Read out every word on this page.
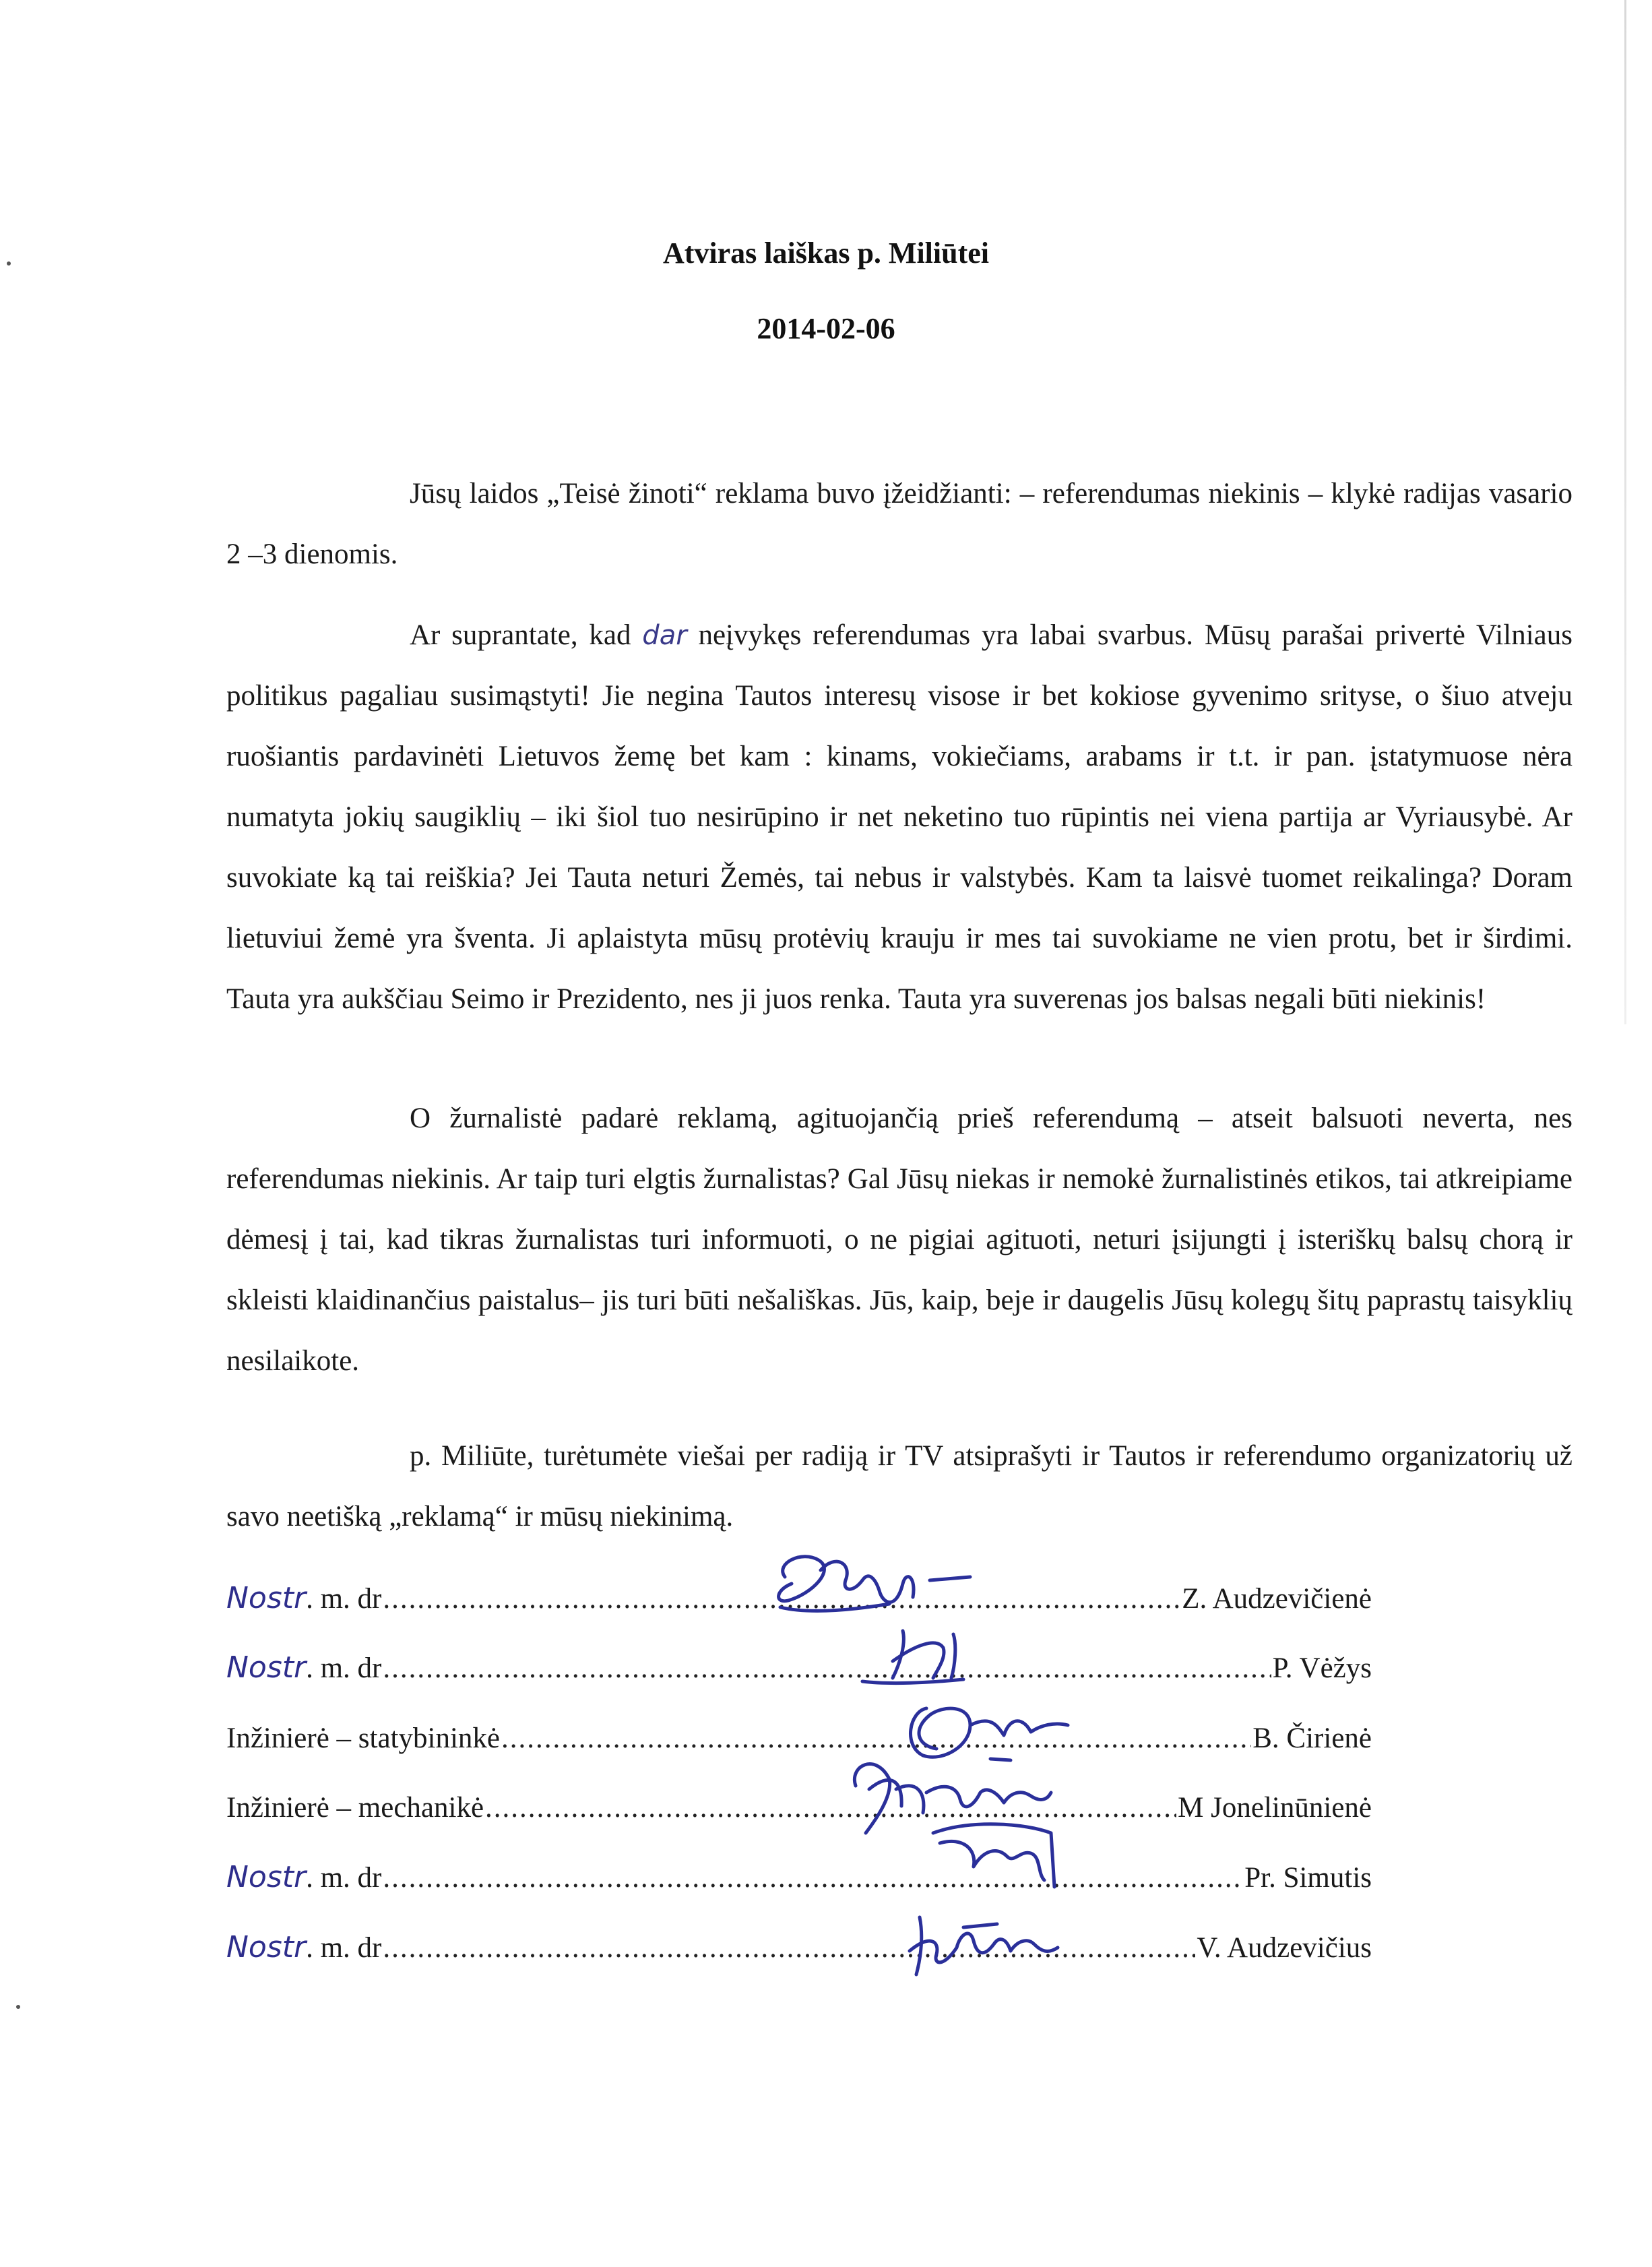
Atviras laiškas p. Miliūtei
2014-02-06

Jūsų laidos „Teisė žinoti“ reklama buvo įžeidžianti: – referendumas niekinis – klykė radijas vasario 2 –3 dienomis.

Ar suprantate, kad dar neįvykęs referendumas yra labai svarbus. Mūsų parašai privertė Vilniaus politikus pagaliau susimąstyti! Jie negina Tautos interesų visose ir bet kokiose gyvenimo srityse, o šiuo atveju ruošiantis pardavinėti Lietuvos žemę bet kam : kinams, vokiečiams, arabams ir t.t. ir pan. įstatymuose nėra numatyta jokių saugiklių – iki šiol tuo nesirūpino ir net neketino tuo rūpintis nei viena partija ar Vyriausybė. Ar suvokiate ką tai reiškia? Jei Tauta neturi Žemės, tai nebus ir valstybės. Kam ta laisvė tuomet reikalinga? Doram lietuviui žemė yra šventa. Ji aplaistyta mūsų protėvių krauju ir mes tai suvokiame ne vien protu, bet ir širdimi. Tauta yra aukščiau Seimo ir Prezidento, nes ji juos renka. Tauta yra suverenas jos balsas negali būti niekinis!

O žurnalistė padarė reklamą, agituojančią prieš referendumą – atseit balsuoti neverta, nes referendumas niekinis. Ar taip turi elgtis žurnalistas? Gal Jūsų niekas ir nemokė žurnalistinės etikos, tai atkreipiame dėmesį į tai, kad tikras žurnalistas turi informuoti, o ne pigiai agituoti, neturi įsijungti į isteriškų balsų chorą ir skleisti klaidinančius paistalus– jis turi būti nešališkas. Jūs, kaip, beje ir daugelis Jūsų kolegų šitų paprastų taisyklių nesilaikote.

p. Miliūte, turėtumėte viešai per radiją ir TV atsiprašyti ir Tautos ir referendumo organizatorių už savo neetišką „reklamą“ ir mūsų niekinimą.

Nostr. m. dr .....	Z. Audzevičienė
Nostr. m. dr .....	P. Vėžys
Inžinierė – statybininkė .....	B. Čirienė
Inžinierė – mechanikė .....	M Jonelinūnienė
Nostr. m. dr .....	Pr. Simutis
Nostr. m. dr .....	V. Audzevičius
